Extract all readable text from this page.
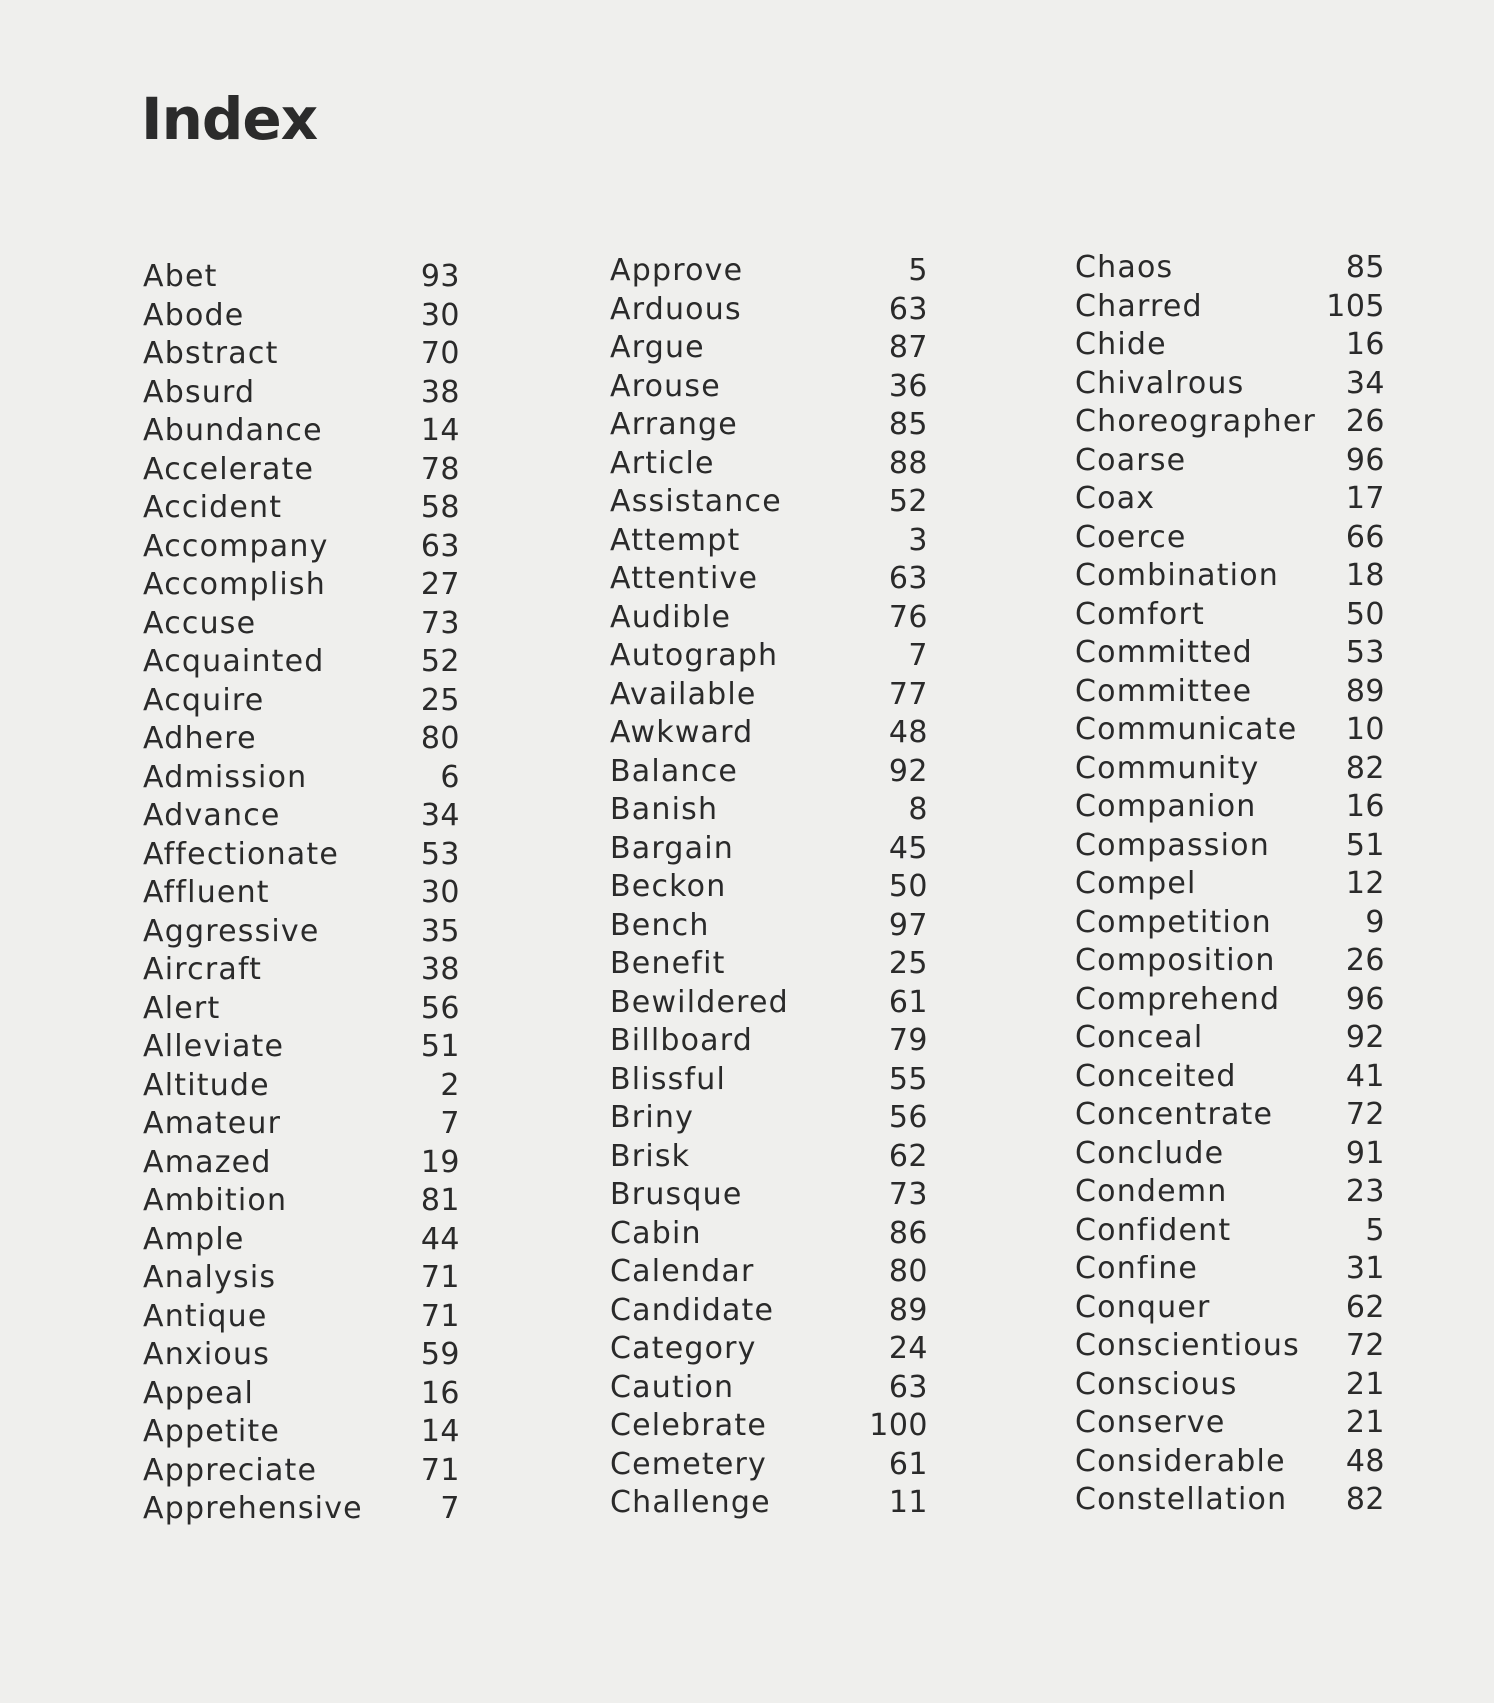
Index
Abet	93
Abode	30
Abstract	70
Absurd	38
Abundance	14
Accelerate	78
Accident	58
Accompany	63
Accomplish	27
Accuse	73
Acquainted	52
Acquire	25
Adhere	80
Admission	6
Advance	34
Affectionate	53
Affluent	30
Aggressive	35
Aircraft	38
Alert	56
Alleviate	51
Altitude	2
Amateur	7
Amazed	19
Ambition	81
Ample	44
Analysis	71
Antique	71
Anxious	59
Appeal	16
Appetite	14
Appreciate	71
Apprehensive	7
Approve	5
Arduous	63
Argue	87
Arouse	36
Arrange	85
Article	88
Assistance	52
Attempt	3
Attentive	63
Audible	76
Autograph	7
Available	77
Awkward	48
Balance	92
Banish	8
Bargain	45
Beckon	50
Bench	97
Benefit	25
Bewildered	61
Billboard	79
Blissful	55
Briny	56
Brisk	62
Brusque	73
Cabin	86
Calendar	80
Candidate	89
Category	24
Caution	63
Celebrate	100
Cemetery	61
Challenge	11
Chaos	85
Charred	105
Chide	16
Chivalrous	34
Choreographer 26
Coarse	96
Coax	17
Coerce	66
Combination 18
Comfort	50
Committed	53
Committee	89
Communicate 10
Community	82
Companion	16
Compassion	51
Compel	12
Competition	9
Composition 26
Comprehend 96
Conceal	92
Conceited	41
Concentrate 72
Conclude	91
Condemn	23
Confident	5
Confine	31
Conquer	62
Conscientious 72
Conscious	21
Conserve	21
Considerable 48
Constellation 82
